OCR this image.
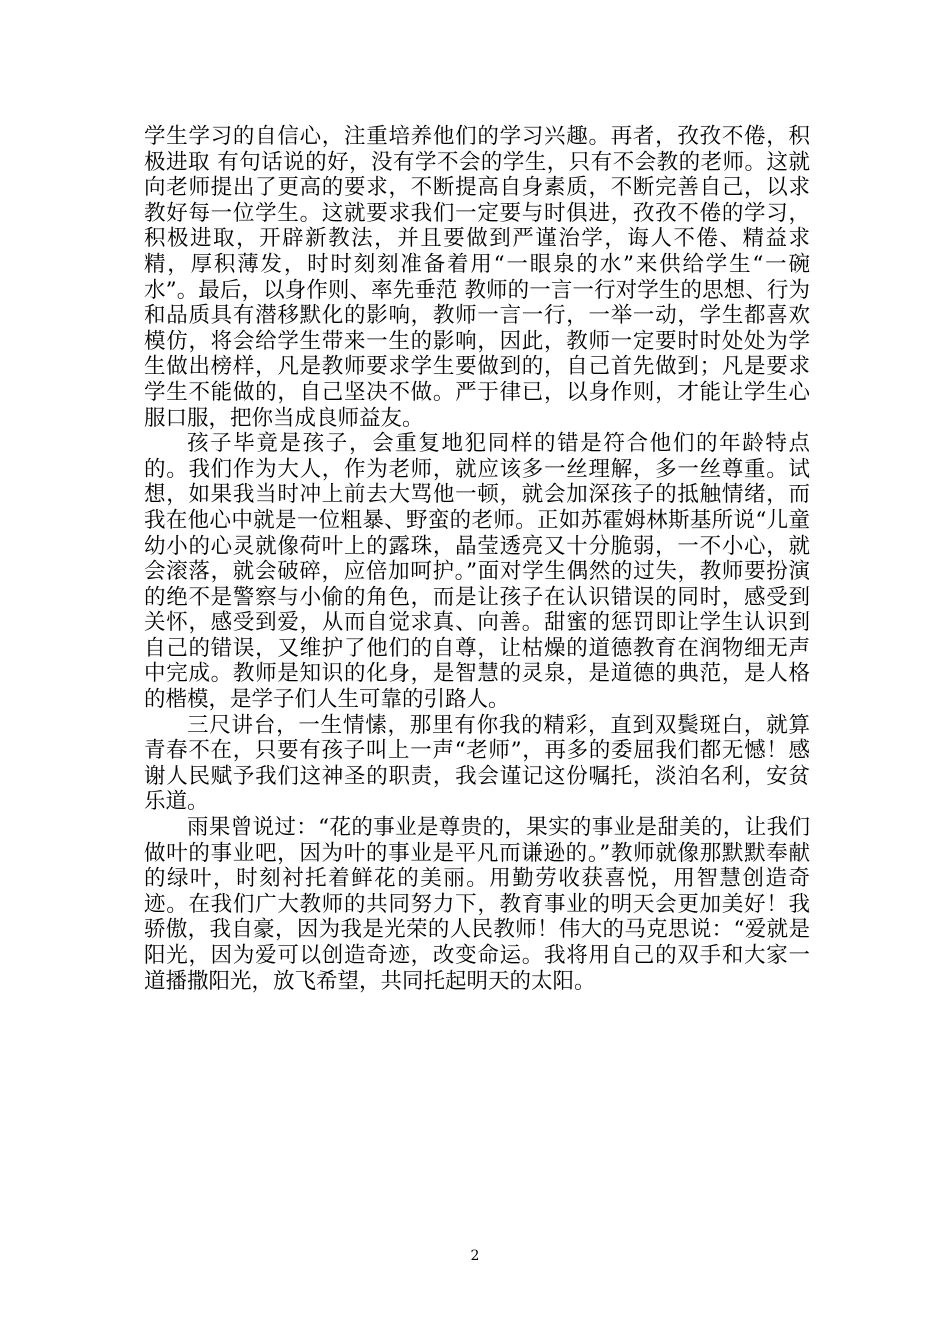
学生学习的自信心，注重培养他们的学习兴趣。再者，孜孜不倦，积极进取 有句话说的好，没有学不会的学生，只有不会教的老师。这就向老师提出了更高的要求，不断提高自身素质，不断完善自己，以求教好每一位学生。这就要求我们一定要与时俱进，孜孜不倦的学习，积极进取，开辟新教法，并且要做到严谨治学，诲人不倦、精益求精，厚积薄发，时时刻刻准备着用“一眼泉的水”来供给学生“一碗水”。最后，以身作则、率先垂范 教师的一言一行对学生的思想、行为和品质具有潜移默化的影响，教师一言一行，一举一动，学生都喜欢模仿，将会给学生带来一生的影响，因此，教师一定要时时处处为学生做出榜样，凡是教师要求学生要做到的，自己首先做到；凡是要求学生不能做的，自己坚决不做。严于律已，以身作则，才能让学生心服口服，把你当成良师益友。

孩子毕竟是孩子，会重复地犯同样的错是符合他们的年龄特点的。我们作为大人，作为老师，就应该多一丝理解，多一丝尊重。试想，如果我当时冲上前去大骂他一顿，就会加深孩子的抵触情绪，而我在他心中就是一位粗暴、野蛮的老师。正如苏霍姆林斯基所说“儿童幼小的心灵就像荷叶上的露珠，晶莹透亮又十分脆弱，一不小心，就会滚落，就会破碎，应倍加呵护。”面对学生偶然的过失，教师要扮演的绝不是警察与小偷的角色，而是让孩子在认识错误的同时，感受到关怀，感受到爱，从而自觉求真、向善。甜蜜的惩罚即让学生认识到自己的错误，又维护了他们的自尊，让枯燥的道德教育在润物细无声中完成。教师是知识的化身，是智慧的灵泉，是道德的典范，是人格的楷模，是学子们人生可靠的引路人。

三尺讲台，一生情愫，那里有你我的精彩，直到双鬓斑白，就算青春不在，只要有孩子叫上一声“老师”，再多的委屈我们都无憾！感谢人民赋予我们这神圣的职责，我会谨记这份嘱托，淡泊名利，安贫乐道。

雨果曾说过：“花的事业是尊贵的，果实的事业是甜美的，让我们做叶的事业吧，因为叶的事业是平凡而谦逊的。”教师就像那默默奉献的绿叶，时刻衬托着鲜花的美丽。用勤劳收获喜悦，用智慧创造奇迹。在我们广大教师的共同努力下，教育事业的明天会更加美好！我骄傲，我自豪，因为我是光荣的人民教师！伟大的马克思说：“爱就是阳光，因为爱可以创造奇迹，改变命运。我将用自己的双手和大家一道播撒阳光，放飞希望，共同托起明天的太阳。

2
